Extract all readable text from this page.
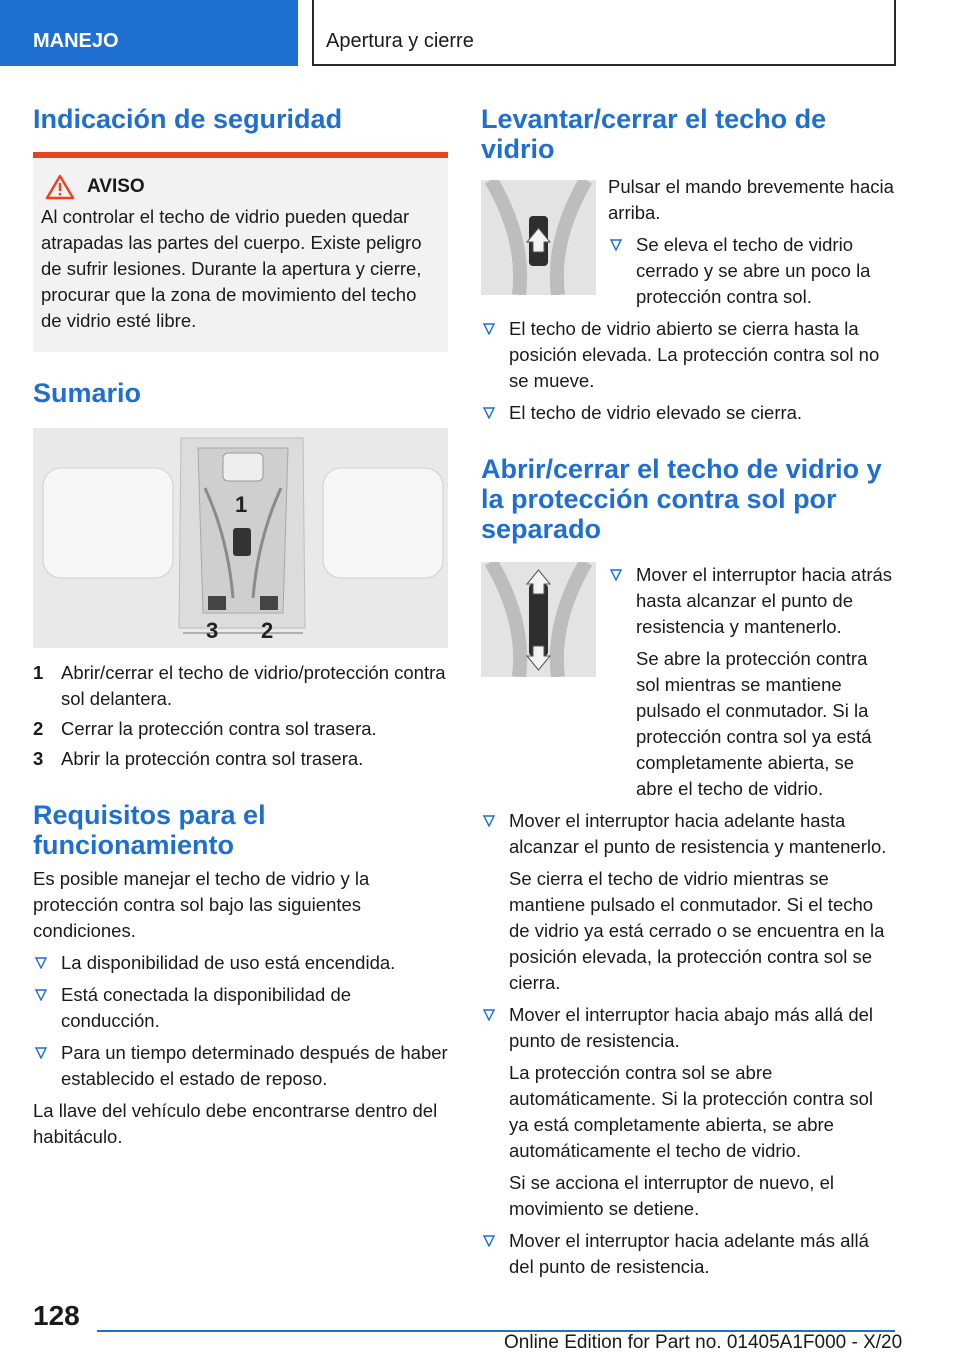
MANEJO	Apertura y cierre
Indicación de seguridad
AVISO

Al controlar el techo de vidrio pueden quedar atrapadas las partes del cuerpo. Existe peligro de sufrir lesiones. Durante la apertura y cierre, procurar que la zona de movimiento del techo de vidrio esté libre.

Sumario
1
3 2
1 Abrir/cerrar el techo de vidrio/protección contra sol delantera.
2 Cerrar la protección contra sol trasera.
3 Abrir la protección contra sol trasera.
Requisitos para el funcionamiento

Es posible manejar el techo de vidrio y la protección contra sol bajo las siguientes condiciones.

La disponibilidad de uso está encendida.
Está conectada la disponibilidad de conducción.
Para un tiempo determinado después de haber establecido el estado de reposo.

La llave del vehículo debe encontrarse dentro del habitáculo.

Levantar/cerrar el techo de vidrio

Pulsar el mando brevemente hacia arriba.

Se eleva el techo de vidrio cerrado y se abre un poco la protección contra sol.
El techo de vidrio abierto se cierra hasta la posición elevada. La protección contra sol no se mueve.
El techo de vidrio elevado se cierra.
Abrir/cerrar el techo de vidrio y la protección contra sol por separado
Mover el interruptor hacia atrás hasta alcanzar el punto de resistencia y mantenerlo.

Se abre la protección contra sol mientras se mantiene pulsado el conmutador. Si la protección contra sol ya está completamente abierta, se abre el techo de vidrio.

Mover el interruptor hacia adelante hasta alcanzar el punto de resistencia y mantenerlo.

Se cierra el techo de vidrio mientras se mantiene pulsado el conmutador. Si el techo de vidrio ya está cerrado o se encuentra en la posición elevada, la protección contra sol se cierra.

Mover el interruptor hacia abajo más allá del punto de resistencia.

La protección contra sol se abre automáticamente. Si la protección contra sol ya está completamente abierta, se abre automáticamente el techo de vidrio.

Si se acciona el interruptor de nuevo, el movimiento se detiene.

Mover el interruptor hacia adelante más allá del punto de resistencia.
128
Online Edition for Part no. 01405A1F000 - X/20
